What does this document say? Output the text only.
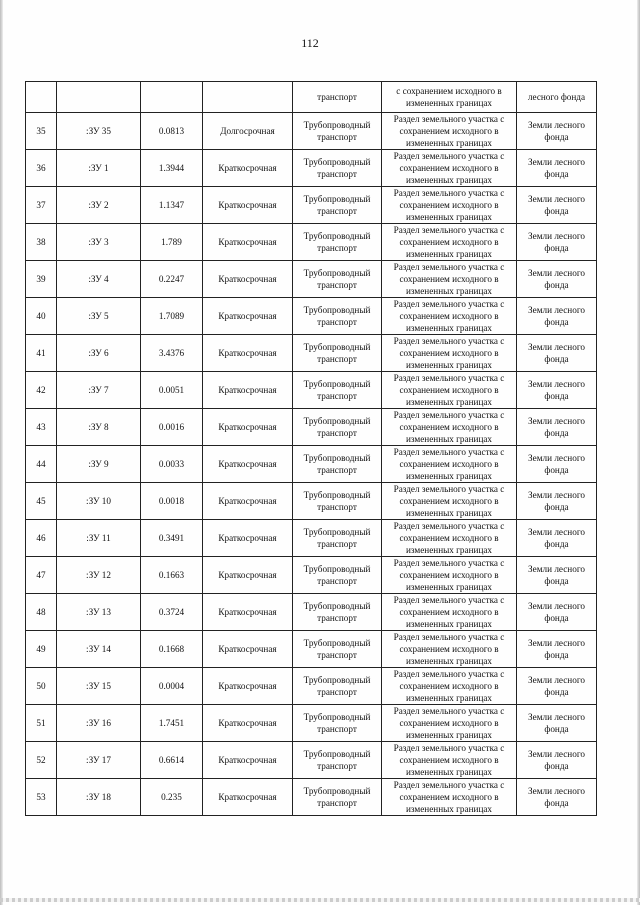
112
				транспорт	с сохранением исходного в измененных границах	лесного фонда
35	:ЗУ 35	0.0813	Долгосрочная	Трубопроводный транспорт	Раздел земельного участка с сохранением исходного в измененных границах	Земли лесного фонда
36	:ЗУ 1	1.3944	Краткосрочная	Трубопроводный транспорт	Раздел земельного участка с сохранением исходного в измененных границах	Земли лесного фонда
37	:ЗУ 2	1.1347	Краткосрочная	Трубопроводный транспорт	Раздел земельного участка с сохранением исходного в измененных границах	Земли лесного фонда
38	:ЗУ 3	1.789	Краткосрочная	Трубопроводный транспорт	Раздел земельного участка с сохранением исходного в измененных границах	Земли лесного фонда
39	:ЗУ 4	0.2247	Краткосрочная	Трубопроводный транспорт	Раздел земельного участка с сохранением исходного в измененных границах	Земли лесного фонда
40	:ЗУ 5	1.7089	Краткосрочная	Трубопроводный транспорт	Раздел земельного участка с сохранением исходного в измененных границах	Земли лесного фонда
41	:ЗУ 6	3.4376	Краткосрочная	Трубопроводный транспорт	Раздел земельного участка с сохранением исходного в измененных границах	Земли лесного фонда
42	:ЗУ 7	0.0051	Краткосрочная	Трубопроводный транспорт	Раздел земельного участка с сохранением исходного в измененных границах	Земли лесного фонда
43	:ЗУ 8	0.0016	Краткосрочная	Трубопроводный транспорт	Раздел земельного участка с сохранением исходного в измененных границах	Земли лесного фонда
44	:ЗУ 9	0.0033	Краткосрочная	Трубопроводный транспорт	Раздел земельного участка с сохранением исходного в измененных границах	Земли лесного фонда
45	:ЗУ 10	0.0018	Краткосрочная	Трубопроводный транспорт	Раздел земельного участка с сохранением исходного в измененных границах	Земли лесного фонда
46	:ЗУ 11	0.3491	Краткосрочная	Трубопроводный транспорт	Раздел земельного участка с сохранением исходного в измененных границах	Земли лесного фонда
47	:ЗУ 12	0.1663	Краткосрочная	Трубопроводный транспорт	Раздел земельного участка с сохранением исходного в измененных границах	Земли лесного фонда
48	:ЗУ 13	0.3724	Краткосрочная	Трубопроводный транспорт	Раздел земельного участка с сохранением исходного в измененных границах	Земли лесного фонда
49	:ЗУ 14	0.1668	Краткосрочная	Трубопроводный транспорт	Раздел земельного участка с сохранением исходного в измененных границах	Земли лесного фонда
50	:ЗУ 15	0.0004	Краткосрочная	Трубопроводный транспорт	Раздел земельного участка с сохранением исходного в измененных границах	Земли лесного фонда
51	:ЗУ 16	1.7451	Краткосрочная	Трубопроводный транспорт	Раздел земельного участка с сохранением исходного в измененных границах	Земли лесного фонда
52	:ЗУ 17	0.6614	Краткосрочная	Трубопроводный транспорт	Раздел земельного участка с сохранением исходного в измененных границах	Земли лесного фонда
53	:ЗУ 18	0.235	Краткосрочная	Трубопроводный транспорт	Раздел земельного участка с сохранением исходного в измененных границах	Земли лесного фонда
